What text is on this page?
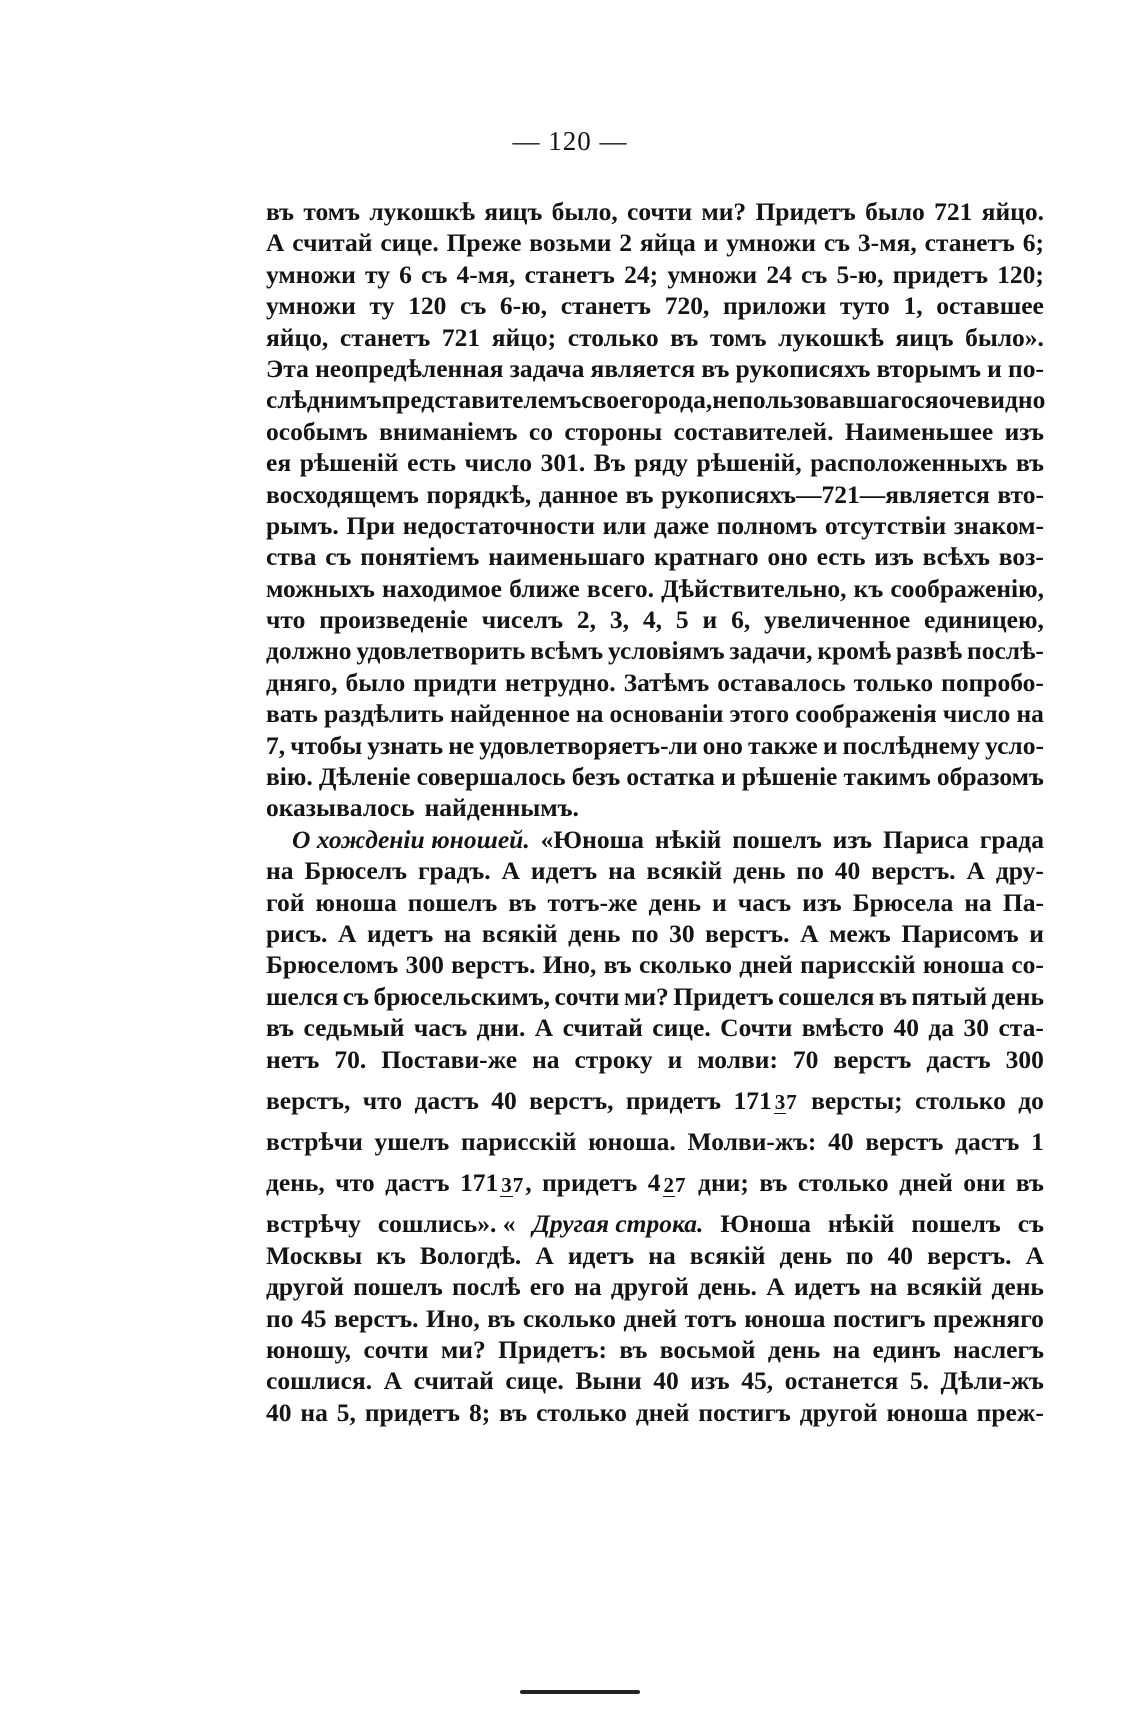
— 120 —
въ томъ лукошкѣ яицъ было, сочти ми? Придетъ было 721 яйцо.
А считай сице. Преже возьми 2 яйца и умножи съ 3-мя, станетъ 6;
умножи ту 6 съ 4-мя, станетъ 24; умножи 24 съ 5-ю, придетъ 120;
умножи ту 120 съ 6-ю, станетъ 720, приложи туто 1, оставшее
яйцо, станетъ 721 яйцо; столько въ томъ лукошкѣ яицъ было».
Эта неопредѣленная задача является въ рукописяхъ вторымъ и по-
слѣднимъ представителемъ своего рода, не пользовавшагося очевидно
особымъ вниманіемъ со стороны составителей. Наименьшее изъ
ея рѣшеній есть число 301. Въ ряду рѣшеній, расположенныхъ въ
восходящемъ порядкѣ, данное въ рукописяхъ—721—является вто-
рымъ. При недостаточности или даже полномъ отсутствіи знаком-
ства съ понятіемъ наименьшаго кратнаго оно есть изъ всѣхъ воз-
можныхъ находимое ближе всего. Дѣйствительно, къ соображенію,
что произведеніе чиселъ 2, 3, 4, 5 и 6, увеличенное единицею,
должно удовлетворить всѣмъ условіямъ задачи, кромѣ развѣ послѣ-
дняго, было придти нетрудно. Затѣмъ оставалось только попробо-
вать раздѣлить найденное на основаніи этого соображенія число на
7, чтобы узнать не удовлетворяетъ-ли оно также и послѣднему усло-
вію. Дѣленіе совершалось безъ остатка и рѣшеніе такимъ образомъ
оказывалось найденнымъ.
О хожденіи юношей. «Юноша нѣкій пошелъ изъ Париса града
на Брюселъ градъ. А идетъ на всякій день по 40 верстъ. А дру-
гой юноша пошелъ въ тотъ-же день и часъ изъ Брюсела на Па-
рисъ. А идетъ на всякій день по 30 верстъ. А межъ Парисомъ и
Брюселомъ 300 верстъ. Ино, въ сколько дней парисскій юноша со-
шелся съ брюсельскимъ, сочти ми? Придетъ сошелся въ пятый день
въ седьмый часъ дни. А считай сице. Сочти вмѣсто 40 да 30 ста-
нетъ 70. Постави-же на строку и молви: 70 верстъ дастъ 300
верстъ, что дастъ 40 верстъ, придетъ 171 37 версты; столько до
встрѣчи ушелъ парисскій юноша. Молви-жъ: 40 верстъ дастъ 1
день, что дастъ 171 37, придетъ 4 27 дни; въ столько дней они въ
встрѣчу сошлись». « Другая строка. Юноша нѣкій пошелъ съ
Москвы къ Вологдѣ. А идетъ на всякій день по 40 верстъ. А
другой пошелъ послѣ его на другой день. А идетъ на всякій день
по 45 верстъ. Ино, въ сколько дней тотъ юноша постигъ прежняго
юношу, сочти ми? Придетъ: въ восьмой день на единъ наслегъ
сошлися. А считай сице. Выни 40 изъ 45, останется 5. Дѣли-жъ
40 на 5, придетъ 8; въ столько дней постигъ другой юноша преж-
